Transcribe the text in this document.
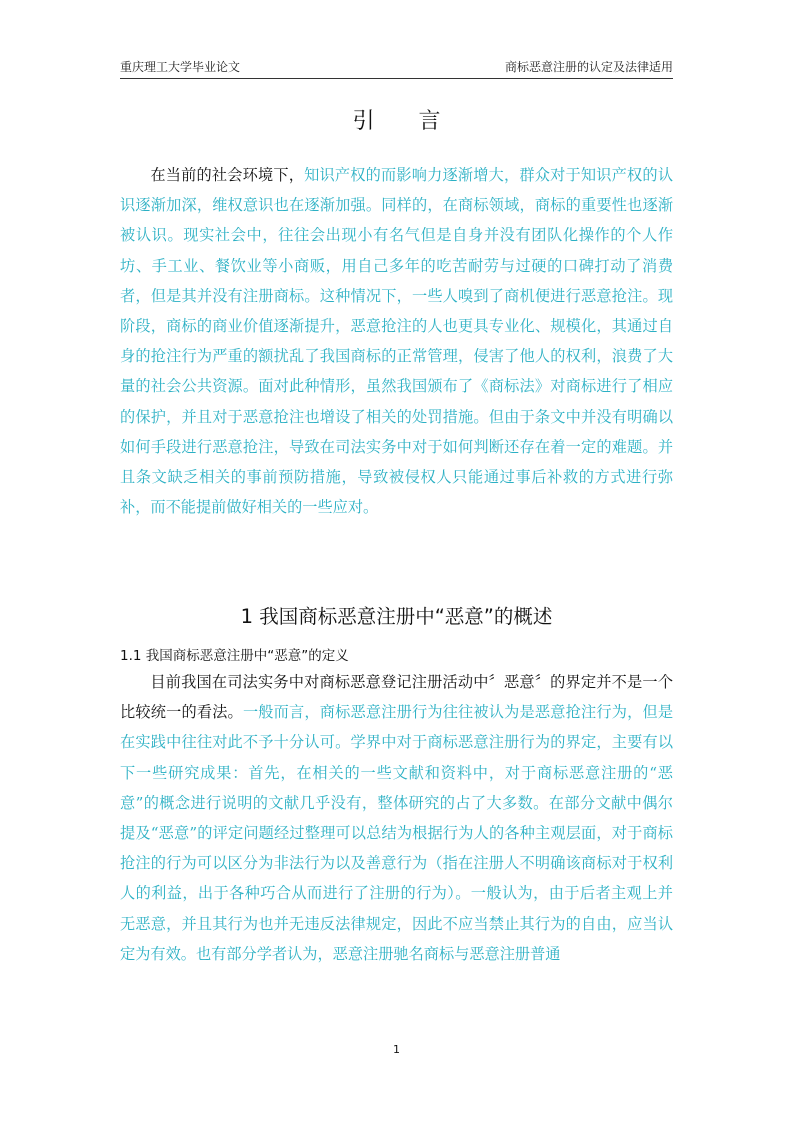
重庆理工大学毕业论文	商标恶意注册的认定及法律适用
引言

在当前的社会环境下，知识产权的而影响力逐渐增大，群众对于知识产权的认识逐渐加深，维权意识也在逐渐加强。同样的，在商标领域，商标的重要性也逐渐被认识。现实社会中，往往会出现小有名气但是自身并没有团队化操作的个人作坊、手工业、餐饮业等小商贩，用自己多年的吃苦耐劳与过硬的口碑打动了消费者，但是其并没有注册商标。这种情况下，一些人嗅到了商机便进行恶意抢注。现阶段，商标的商业价值逐渐提升，恶意抢注的人也更具专业化、规模化，其通过自身的抢注行为严重的额扰乱了我国商标的正常管理，侵害了他人的权利，浪费了大量的社会公共资源。面对此种情形，虽然我国颁布了《商标法》对商标进行了相应的保护，并且对于恶意抢注也增设了相关的处罚措施。但由于条文中并没有明确以如何手段进行恶意抢注，导致在司法实务中对于如何判断还存在着一定的难题。并且条文缺乏相关的事前预防措施，导致被侵权人只能通过事后补救的方式进行弥补，而不能提前做好相关的一些应对。

1 我国商标恶意注册中“恶意”的概述
1.1 我国商标恶意注册中“恶意”的定义

目前我国在司法实务中对商标恶意登记注册活动中〞恶意〞的界定并不是一个比较统一的看法。一般而言，商标恶意注册行为往往被认为是恶意抢注行为，但是在实践中往往对此不予十分认可。学界中对于商标恶意注册行为的界定，主要有以下一些研究成果：首先，在相关的一些文献和资料中，对于商标恶意注册的“恶意”的概念进行说明的文献几乎没有，整体研究的占了大多数。在部分文献中偶尔提及“恶意”的评定问题经过整理可以总结为根据行为人的各种主观层面，对于商标抢注的行为可以区分为非法行为以及善意行为（指在注册人不明确该商标对于权利人的利益，出于各种巧合从而进行了注册的行为）。一般认为，由于后者主观上并无恶意，并且其行为也并无违反法律规定，因此不应当禁止其行为的自由，应当认定为有效。也有部分学者认为，恶意注册驰名商标与恶意注册普通

1
